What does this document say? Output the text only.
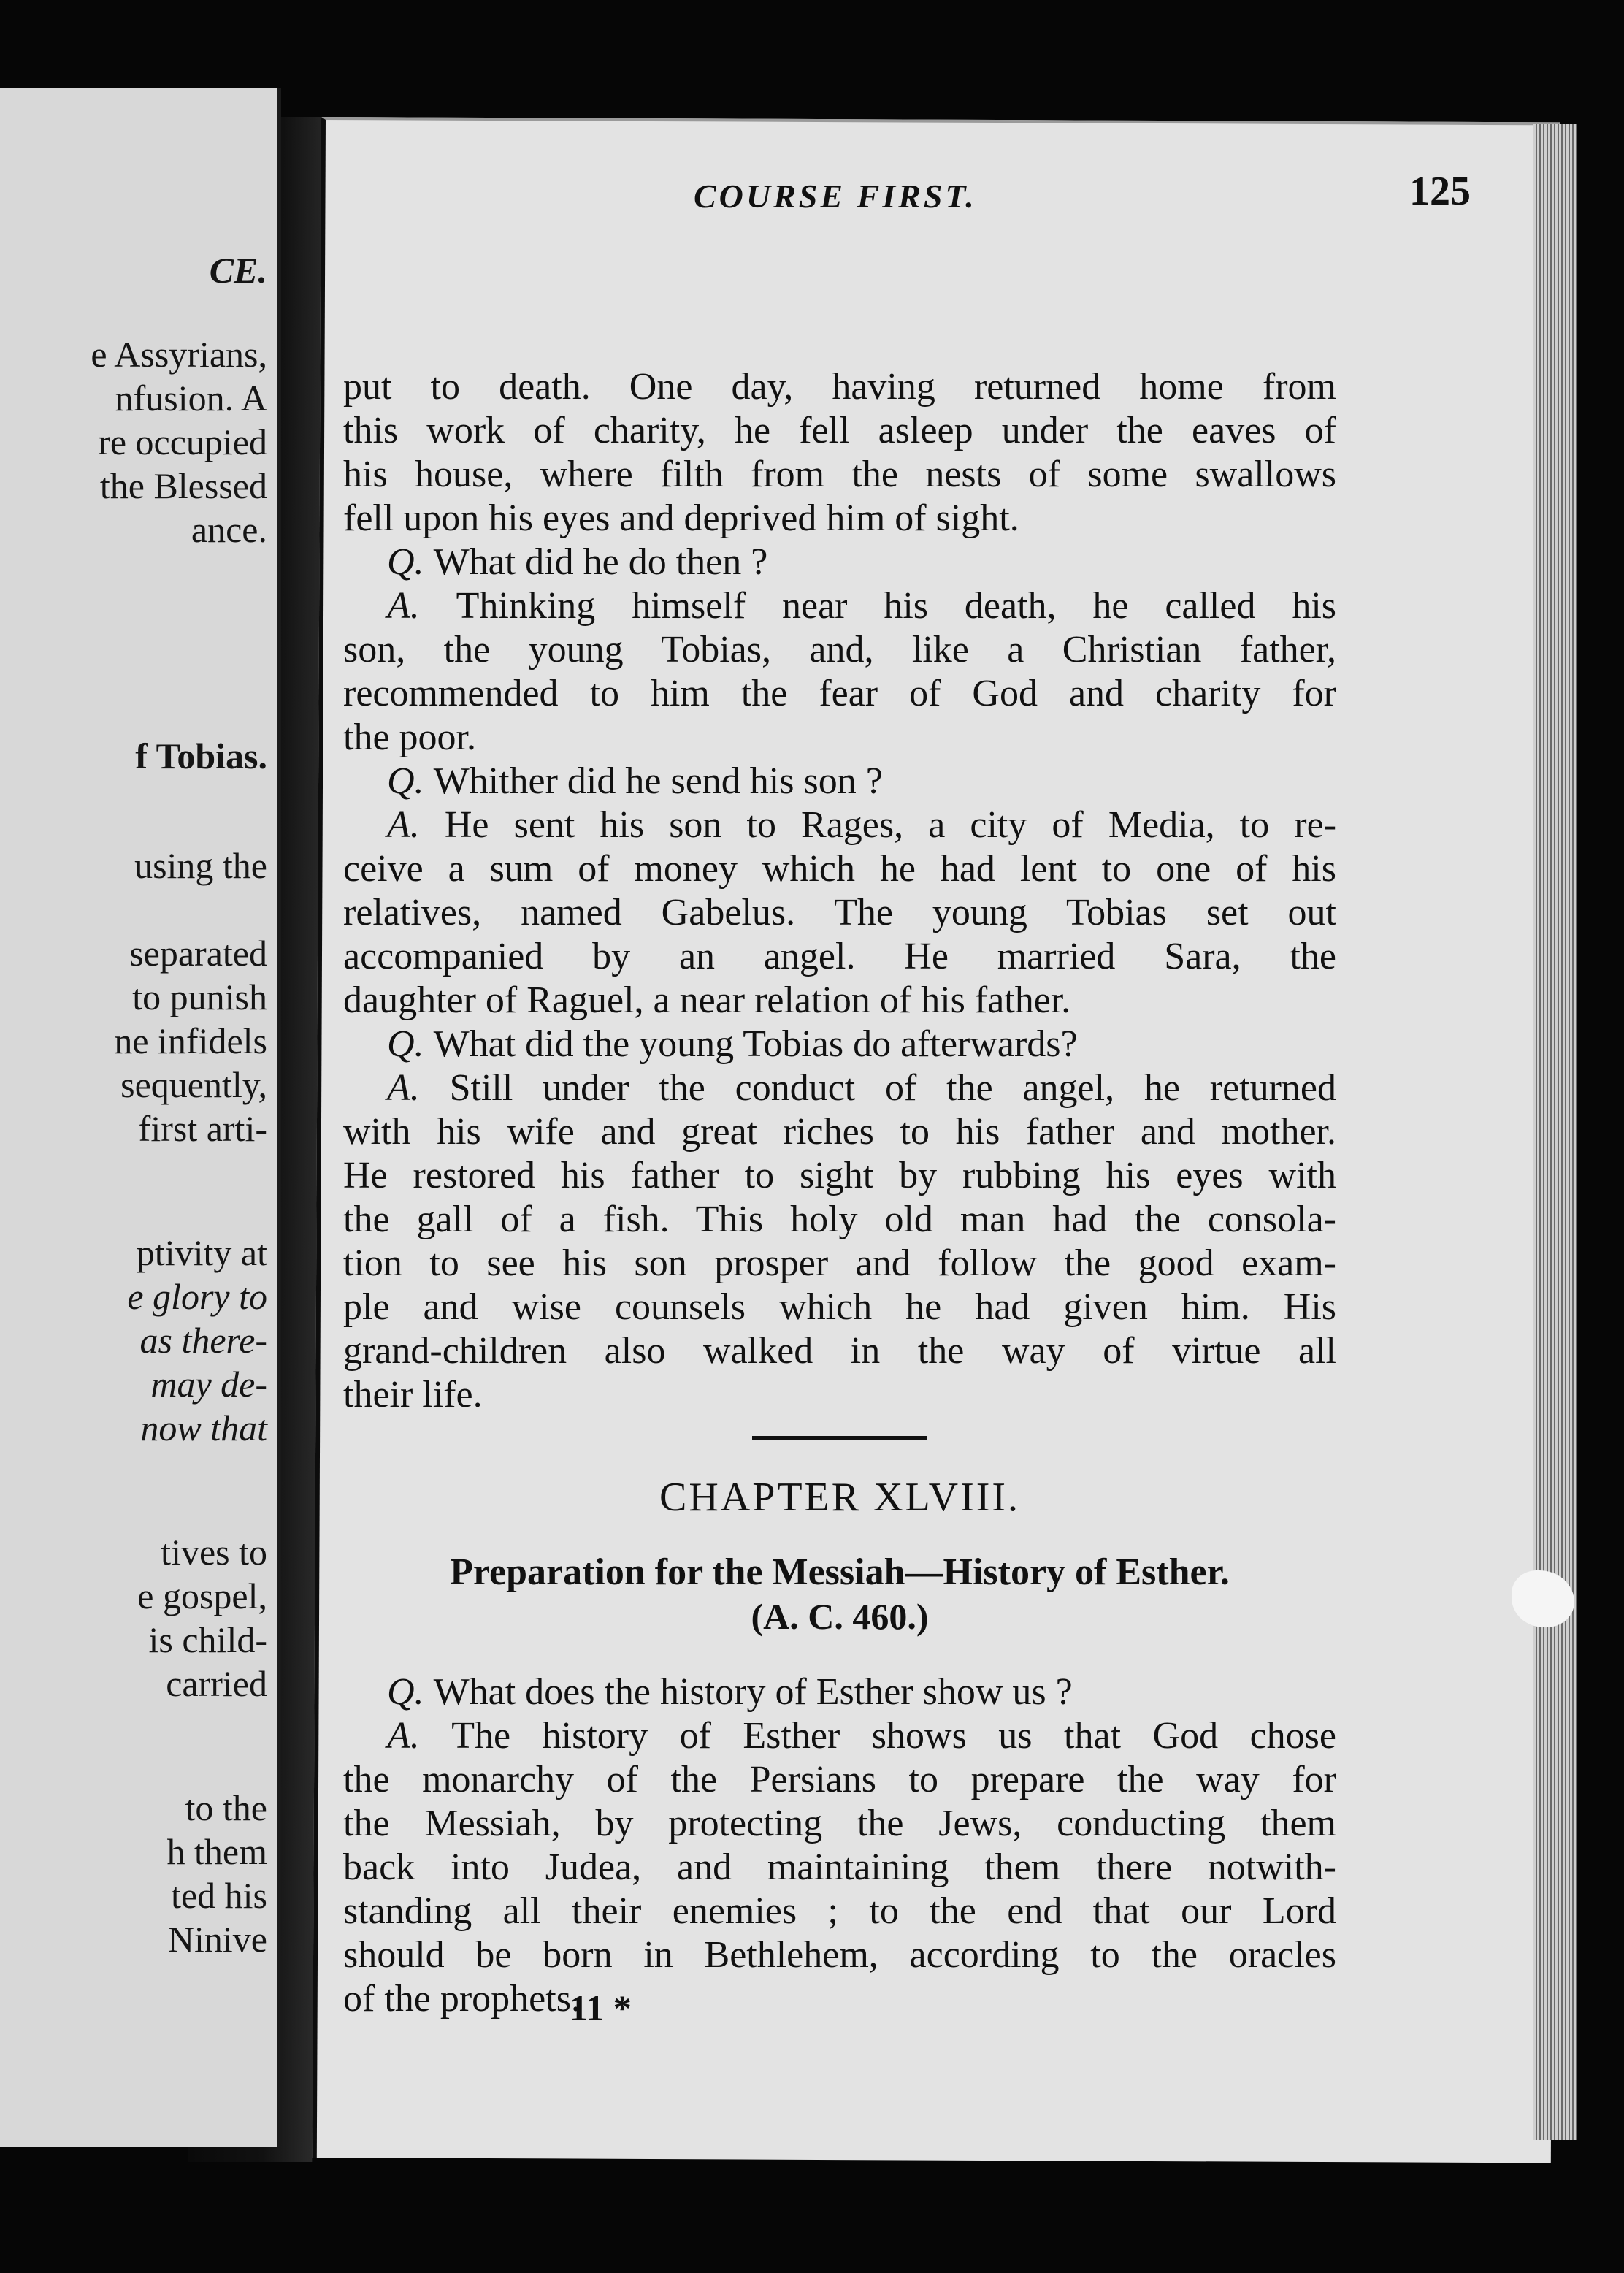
CE.
e Assyrians,
nfusion. A
re occupied
the Blessed
ance.
f Tobias.
using the
separated
to punish
ne infidels
sequently,
first arti-
ptivity at
e glory to
as there-
may de-
now that
tives to
e gospel,
is child-
carried
to the
h them
ted his
Ninive
COURSE FIRST.	125
put to death. One day, having returned home from
this work of charity, he fell asleep under the eaves of
his house, where filth from the nests of some swallows
fell upon his eyes and deprived him of sight.
Q. What did he do then ?
A. Thinking himself near his death, he called his
son, the young Tobias, and, like a Christian father,
recommended to him the fear of God and charity for
the poor.
Q. Whither did he send his son ?
A. He sent his son to Rages, a city of Media, to re-
ceive a sum of money which he had lent to one of his
relatives, named Gabelus. The young Tobias set out
accompanied by an angel. He married Sara, the
daughter of Raguel, a near relation of his father.
Q. What did the young Tobias do afterwards?
A. Still under the conduct of the angel, he returned
with his wife and great riches to his father and mother.
He restored his father to sight by rubbing his eyes with
the gall of a fish. This holy old man had the consola-
tion to see his son prosper and follow the good exam-
ple and wise counsels which he had given him. His
grand-children also walked in the way of virtue all
their life.
CHAPTER XLVIII.
Preparation for the Messiah—History of Esther.
(A. C. 460.)
Q. What does the history of Esther show us ?
A. The history of Esther shows us that God chose
the monarchy of the Persians to prepare the way for
the Messiah, by protecting the Jews, conducting them
back into Judea, and maintaining them there notwith-
standing all their enemies ; to the end that our Lord
should be born in Bethlehem, according to the oracles
of the prophets.
11 *
